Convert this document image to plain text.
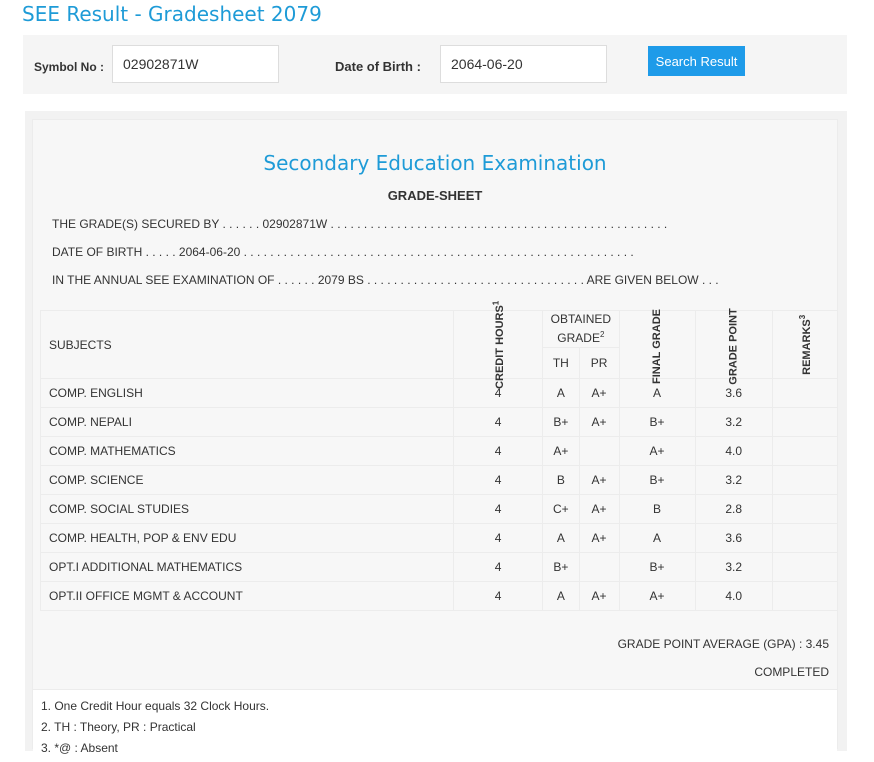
SEE Result - Gradesheet 2079
Symbol No :
02902871W	Date of Birth :
2064-06-20	Search Result
Secondary Education Examination
GRADE-SHEET
THE GRADE(S) SECURED BY . . . . . . 02902871W . . . . . . . . . . . . . . . . . . . . . . . . . . . . . . . . . . . . . . . . . . . . . . . . . . .
DATE OF BIRTH . . . . . 2064-06-20 . . . . . . . . . . . . . . . . . . . . . . . . . . . . . . . . . . . . . . . . . . . . . . . . . . . . . . . . . . .
IN THE ANNUAL SEE EXAMINATION OF . . . . . . 2079 BS . . . . . . . . . . . . . . . . . . . . . . . . . . . . . . . . . ARE GIVEN BELOW . . .
SUBJECTS	CREDIT HOURS$^1$	OBTAINED GRADE$^2$		FINAL GRADE	GRADE POINT	REMARKS$^3$
		TH	PR			
COMP. ENGLISH	4	A	A+	A	3.6	
COMP. NEPALI	4	B+	A+	B+	3.2	
COMP. MATHEMATICS	4	A+		A+	4.0	
COMP. SCIENCE	4	B	A+	B+	3.2	
COMP. SOCIAL STUDIES	4	C+	A+	B	2.8	
COMP. HEALTH, POP & ENV EDU	4	A	A+	A	3.6	
OPT.I ADDITIONAL MATHEMATICS	4	B+		B+	3.2	
OPT.II OFFICE MGMT & ACCOUNT	4	A	A+	A+	4.0	
GRADE POINT AVERAGE (GPA) : 3.45
COMPLETED
1. One Credit Hour equals 32 Clock Hours.
2. TH : Theory, PR : Practical
3. *@ : Absent
